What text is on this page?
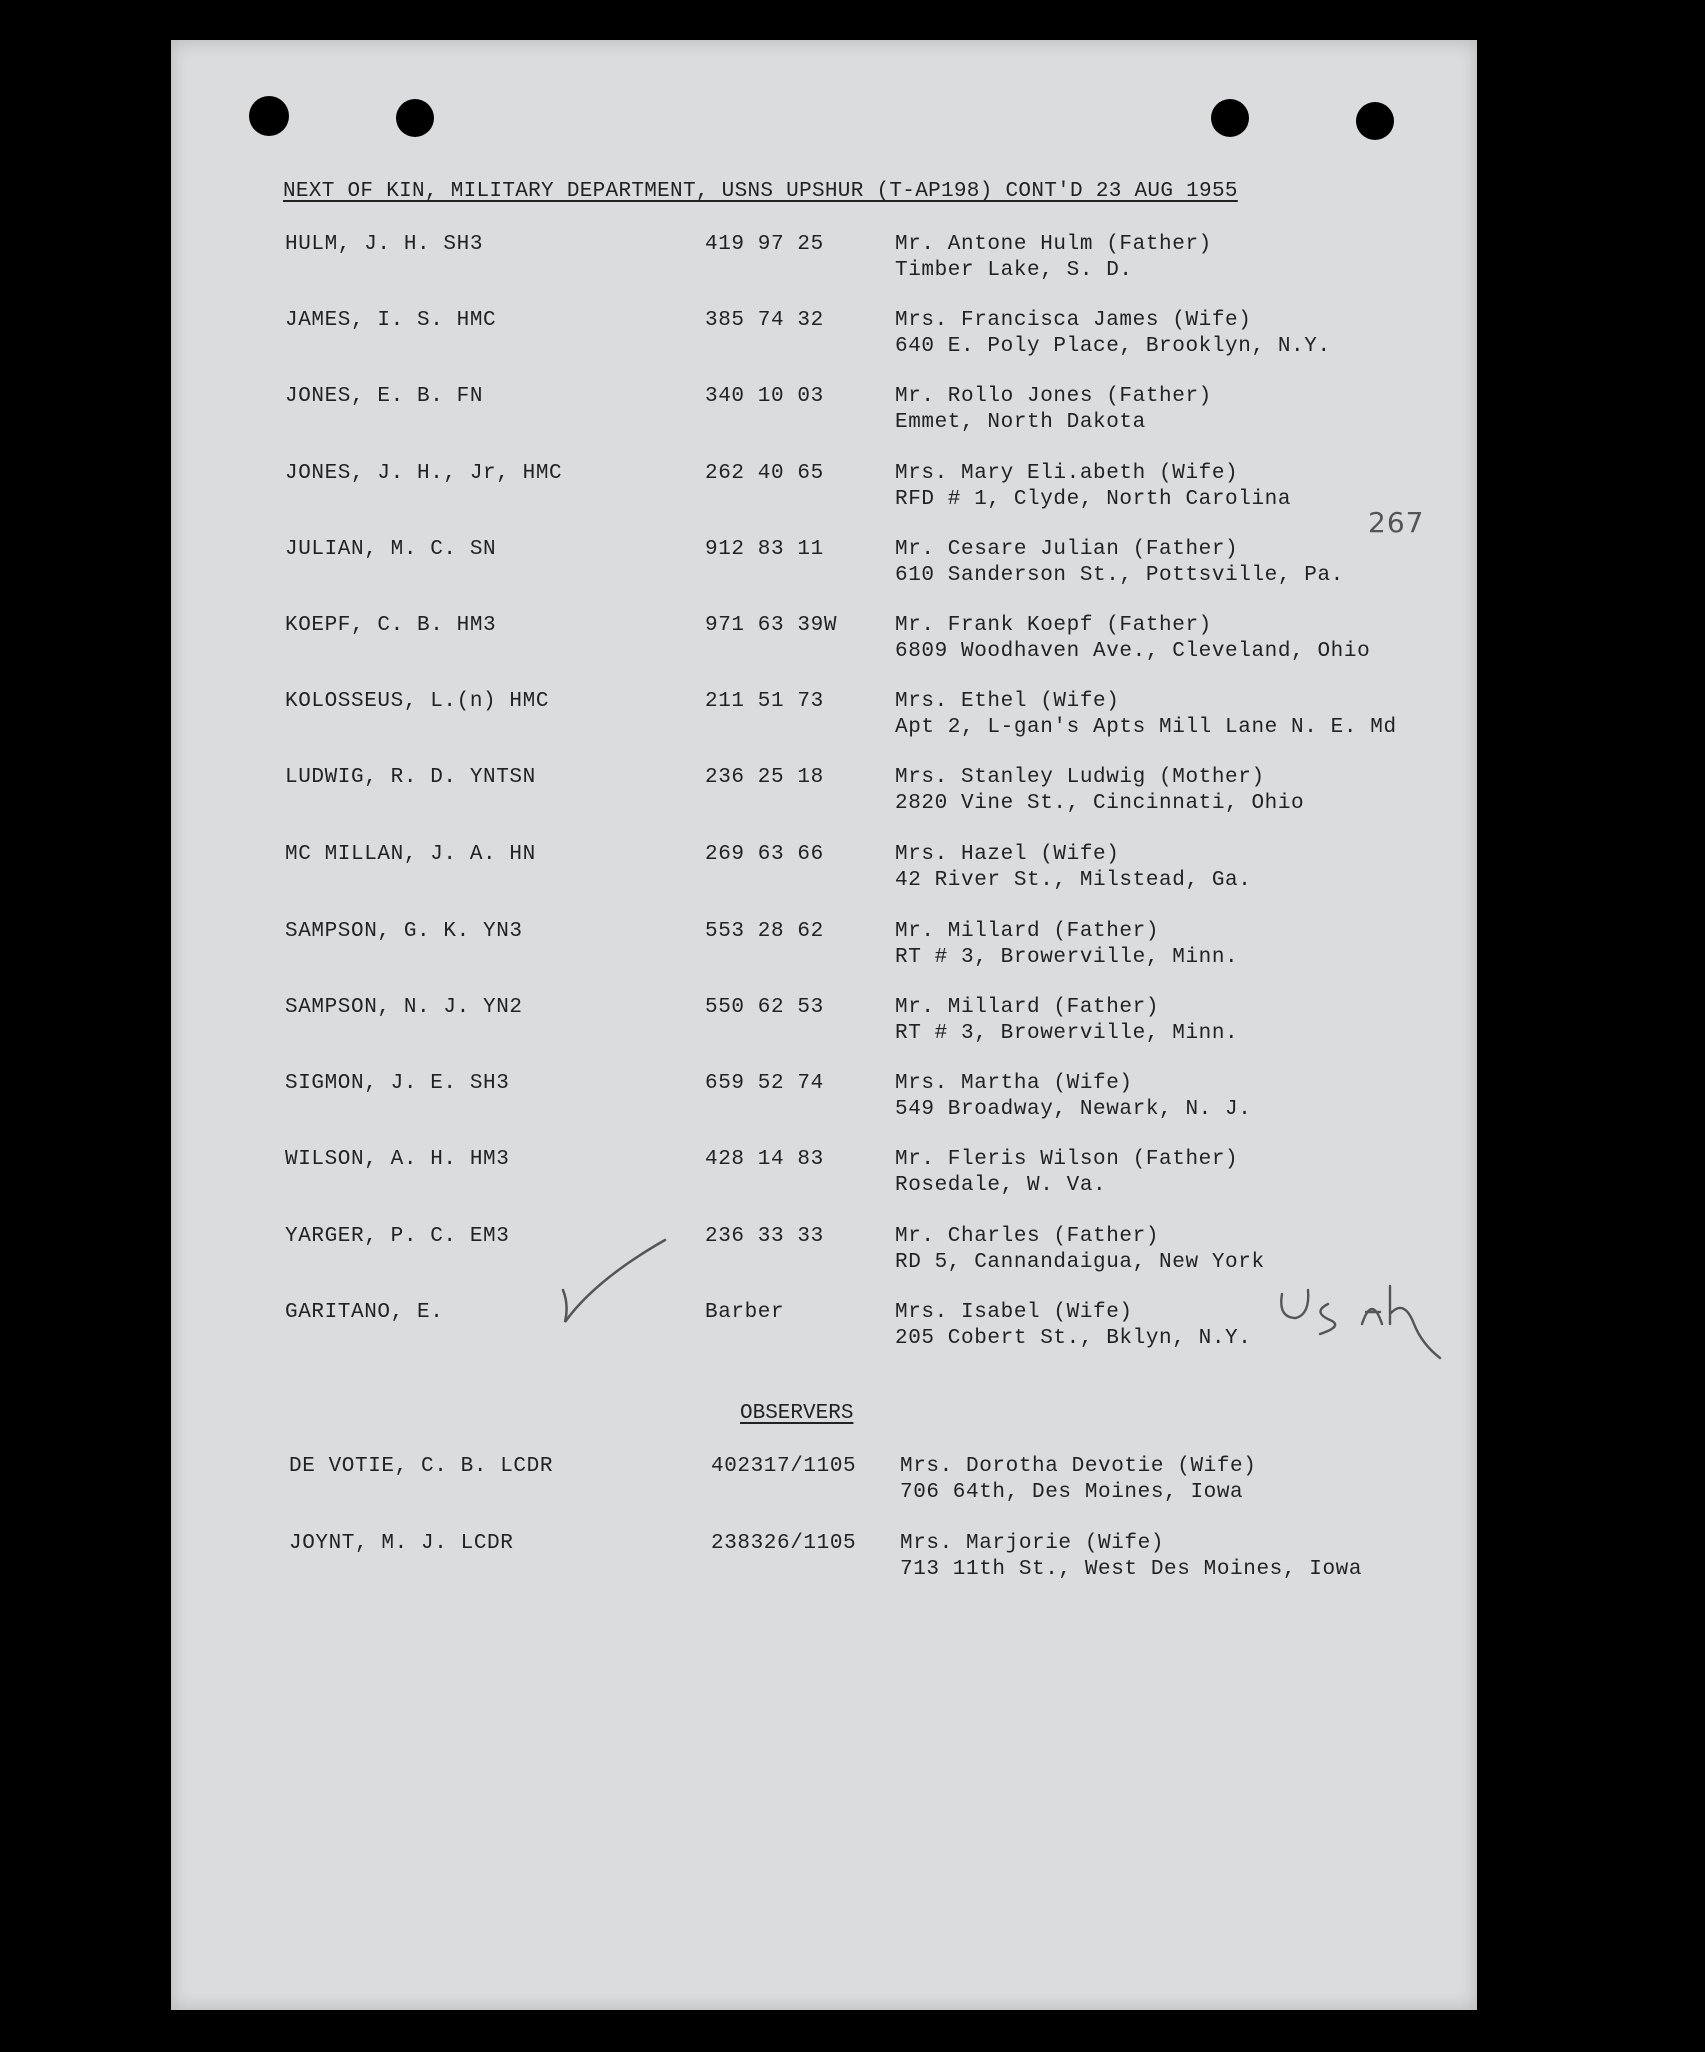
NEXT OF KIN, MILITARY DEPARTMENT, USNS UPSHUR (T-AP198) CONT'D 23 AUG 1955
267
HULM, J. H. SH3	419 97 25	Mr. Antone Hulm (Father)
Timber Lake, S. D.
JAMES, I. S. HMC	385 74 32	Mrs. Francisca James (Wife)
640 E. Poly Place, Brooklyn, N.Y.
JONES, E. B. FN	340 10 03	Mr. Rollo Jones (Father)
Emmet, North Dakota
JONES, J. H., Jr, HMC	262 40 65	Mrs. Mary Eli.abeth (Wife)
RFD # 1, Clyde, North Carolina
JULIAN, M. C. SN	912 83 11	Mr. Cesare Julian (Father)
610 Sanderson St., Pottsville, Pa.
KOEPF, C. B. HM3	971 63 39W	Mr. Frank Koepf (Father)
6809 Woodhaven Ave., Cleveland, Ohio
KOLOSSEUS, L.(n) HMC	211 51 73	Mrs. Ethel (Wife)
Apt 2, L-gan's Apts Mill Lane N. E. Md
LUDWIG, R. D. YNTSN	236 25 18	Mrs. Stanley Ludwig (Mother)
2820 Vine St., Cincinnati, Ohio
MC MILLAN, J. A. HN	269 63 66	Mrs. Hazel (Wife)
42 River St., Milstead, Ga.
SAMPSON, G. K. YN3	553 28 62	Mr. Millard (Father)
RT # 3, Browerville, Minn.
SAMPSON, N. J. YN2	550 62 53	Mr. Millard (Father)
RT # 3, Browerville, Minn.
SIGMON, J. E. SH3	659 52 74	Mrs. Martha (Wife)
549 Broadway, Newark, N. J.
WILSON, A. H. HM3	428 14 83	Mr. Fleris Wilson (Father)
Rosedale, W. Va.
YARGER, P. C. EM3	236 33 33	Mr. Charles (Father)
RD 5, Cannandaigua, New York
GARITANO, E.	Barber	Mrs. Isabel (Wife)
205 Cobert St., Bklyn, N.Y.
OBSERVERS
DE VOTIE, C. B. LCDR	402317/1105 Mrs. Dorotha Devotie (Wife)
706 64th, Des Moines, Iowa
JOYNT, M. J. LCDR	238326/1105 Mrs. Marjorie (Wife)
713 11th St., West Des Moines, Iowa
